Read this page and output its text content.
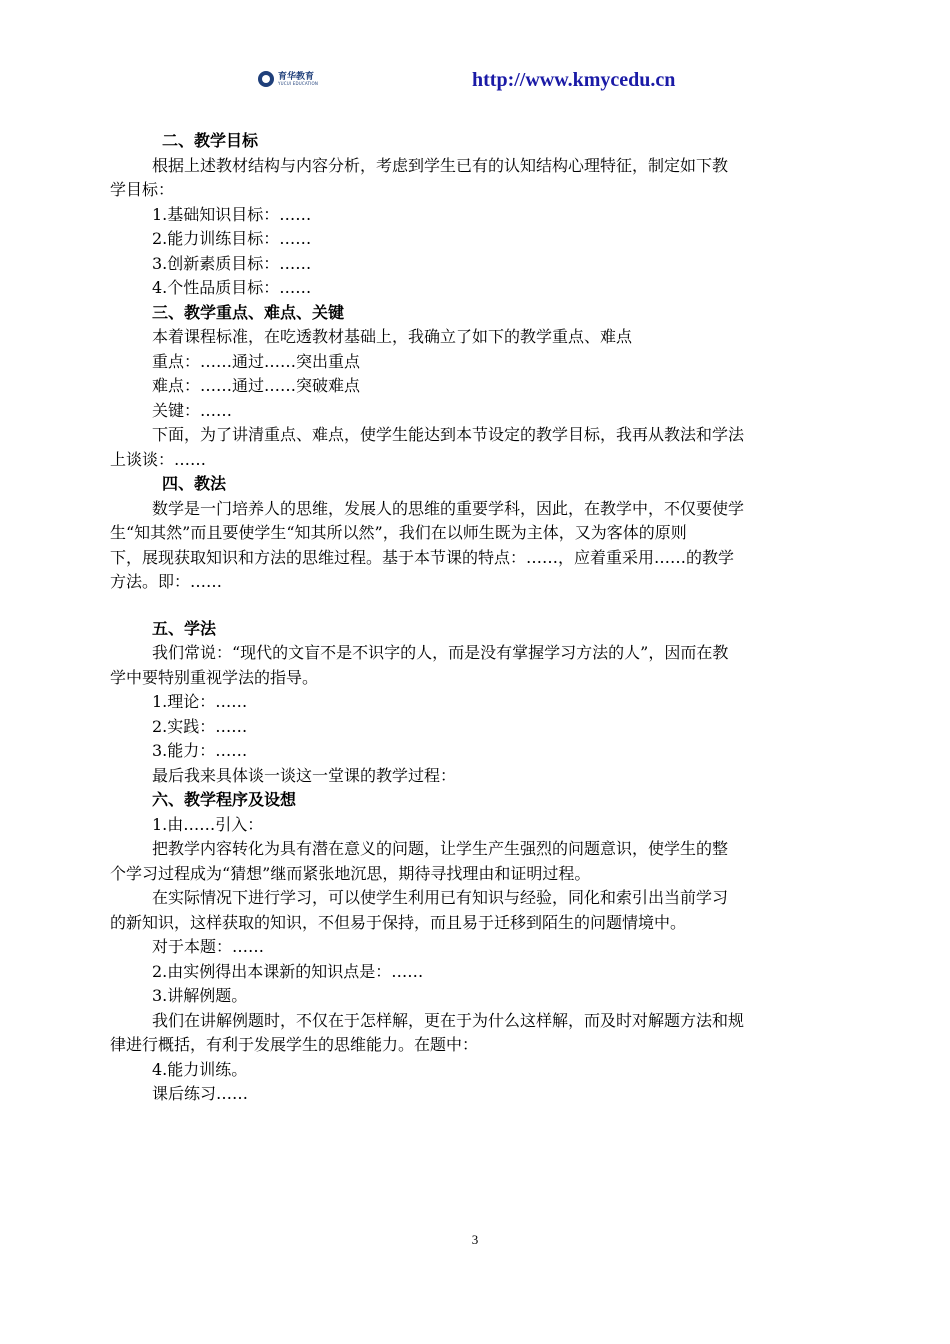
育华教育
YUCUI EDUCATION	http://www.kmycedu.cn
二、教学目标
根据上述教材结构与内容分析，考虑到学生已有的认知结构心理特征，制定如下教
学目标：
1.基础知识目标：……
2.能力训练目标：……
3.创新素质目标：……
4.个性品质目标：……
三、教学重点、难点、关键
本着课程标准，在吃透教材基础上，我确立了如下的教学重点、难点
重点：……通过……突出重点
难点：……通过……突破难点
关键：……
下面，为了讲清重点、难点，使学生能达到本节设定的教学目标，我再从教法和学法
上谈谈：……
四、教法
数学是一门培养人的思维，发展人的思维的重要学科，因此，在教学中，不仅要使学
生“知其然”而且要使学生“知其所以然”，我们在以师生既为主体，又为客体的原则
下，展现获取知识和方法的思维过程。基于本节课的特点：……，应着重采用……的教学
方法。即：……
五、学法
我们常说：“现代的文盲不是不识字的人，而是没有掌握学习方法的人”，因而在教
学中要特别重视学法的指导。
1.理论：……
2.实践：……
3.能力：……
最后我来具体谈一谈这一堂课的教学过程：
六、教学程序及设想
1.由……引入：
把教学内容转化为具有潜在意义的问题，让学生产生强烈的问题意识，使学生的整
个学习过程成为“猜想”继而紧张地沉思，期待寻找理由和证明过程。
在实际情况下进行学习，可以使学生利用已有知识与经验，同化和索引出当前学习
的新知识，这样获取的知识，不但易于保持，而且易于迁移到陌生的问题情境中。
对于本题：……
2.由实例得出本课新的知识点是：……
3.讲解例题。
我们在讲解例题时，不仅在于怎样解，更在于为什么这样解，而及时对解题方法和规
律进行概括，有利于发展学生的思维能力。在题中：
4.能力训练。
课后练习……
3
